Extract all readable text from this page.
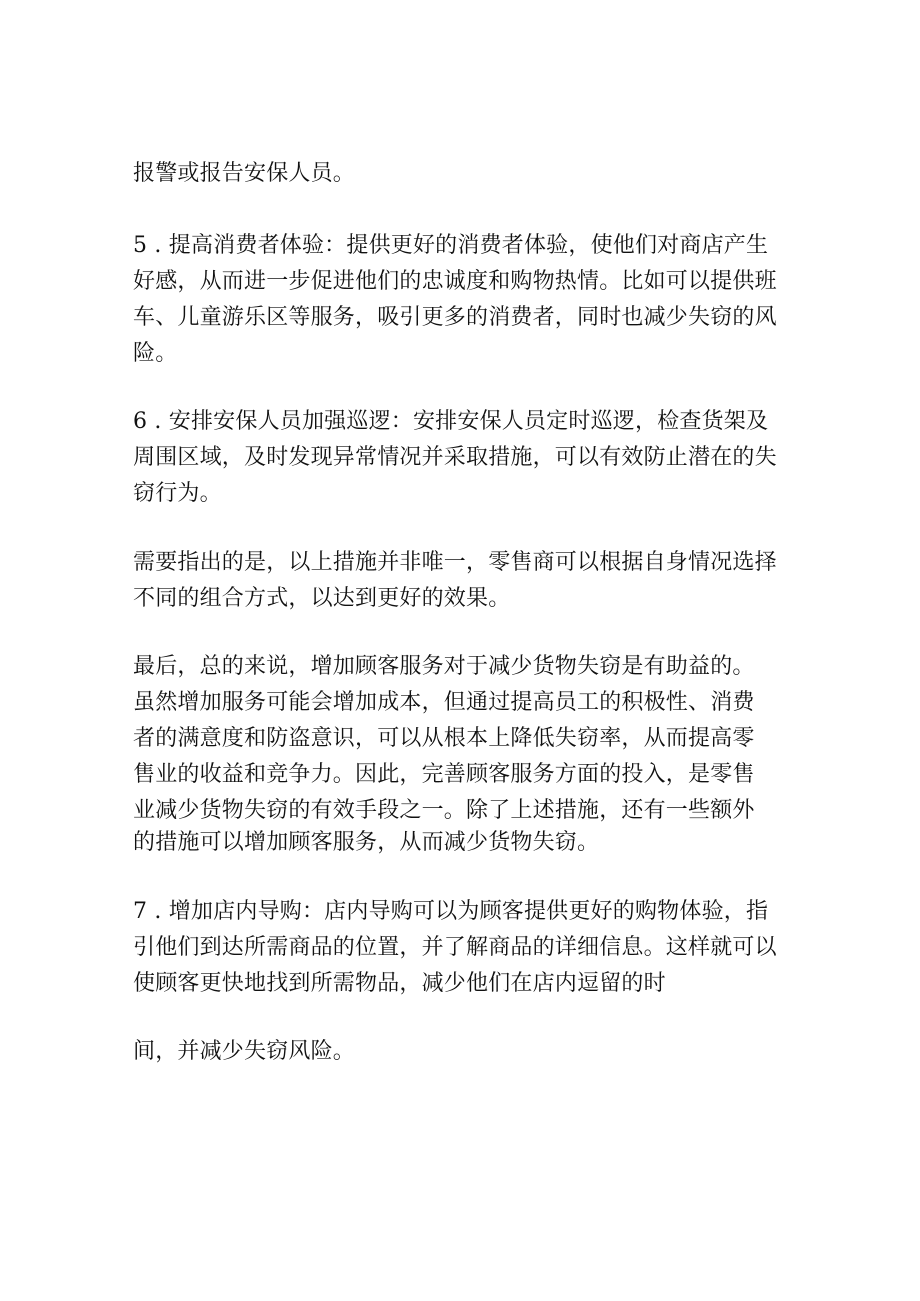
报警或报告安保人员。
5 . 提高消费者体验：提供更好的消费者体验，使他们对商店产生
好感，从而进一步促进他们的忠诚度和购物热情。比如可以提供班
车、儿童游乐区等服务，吸引更多的消费者，同时也减少失窃的风
险。
6 . 安排安保人员加强巡逻：安排安保人员定时巡逻，检查货架及
周围区域，及时发现异常情况并采取措施，可以有效防止潜在的失
窃行为。
需要指出的是，以上措施并非唯一，零售商可以根据自身情况选择
不同的组合方式，以达到更好的效果。
最后，总的来说，增加顾客服务对于减少货物失窃是有助益的。
虽然增加服务可能会增加成本，但通过提高员工的积极性、消费
者的满意度和防盗意识，可以从根本上降低失窃率，从而提高零
售业的收益和竞争力。因此，完善顾客服务方面的投入，是零售
业减少货物失窃的有效手段之一。除了上述措施，还有一些额外
的措施可以增加顾客服务，从而减少货物失窃。
7 . 增加店内导购：店内导购可以为顾客提供更好的购物体验，指
引他们到达所需商品的位置，并了解商品的详细信息。这样就可以
使顾客更快地找到所需物品，减少他们在店内逗留的时
间，并减少失窃风险。
